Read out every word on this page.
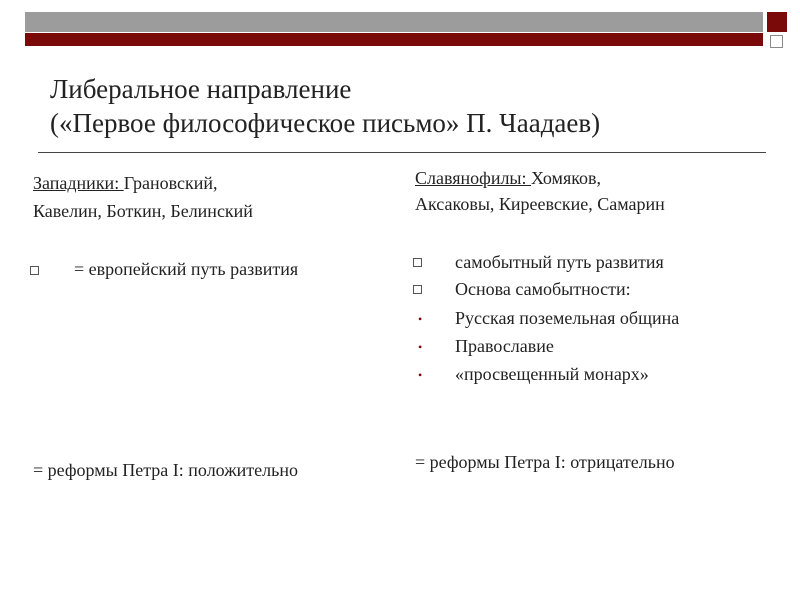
Либеральное направление
(«Первое философическое письмо» П. Чаадаев)

Западники: Грановский,

Кавелин, Боткин, Белинский

= европейский путь развития

= реформы Петра I: положительно

Славянофилы: Хомяков,

Аксаковы, Киреевские, Самарин

самобытный путь развития

Основа самобытности:

• Русская поземельная община

• Православие

• «просвещенный монарх»

= реформы Петра I: отрицательно
